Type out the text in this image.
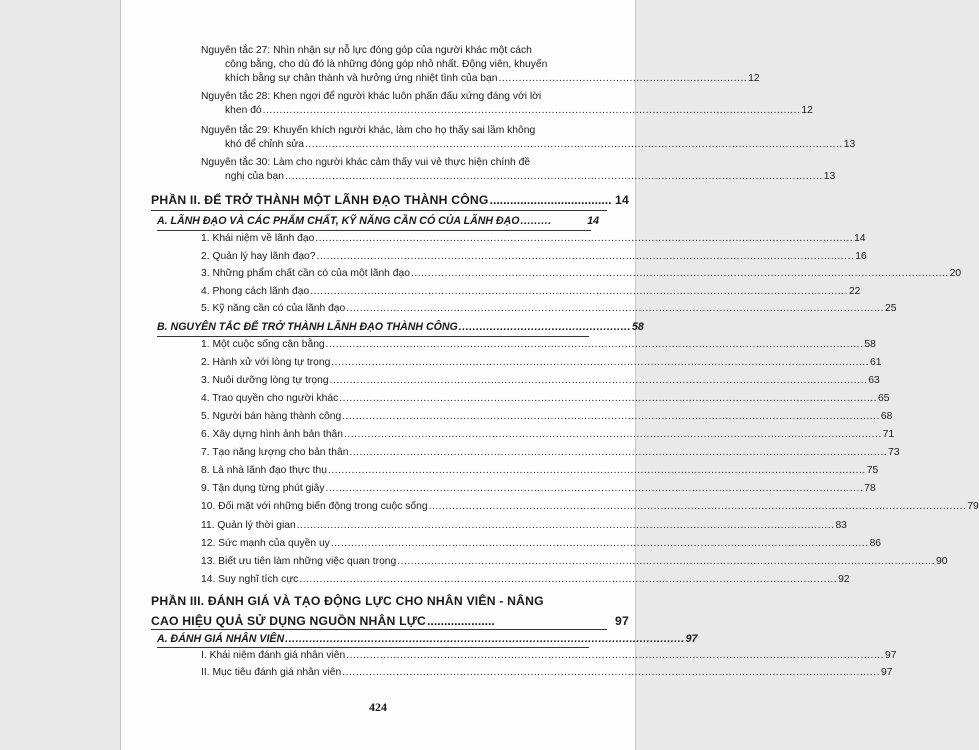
Nguyên tắc 27: Nhìn nhận sự nỗ lực đóng góp của người khác một cách
công bằng, cho dù đó là những đóng góp nhỏ nhất. Động viên, khuyến
khích bằng sự chân thành và hưởng ứng nhiệt tình của bạn .......................................................................... 12
Nguyên tắc 28: Khen ngợi để người khác luôn phấn đấu xứng đáng với lời
khen đó ................................................................................................................................................................ 12
Nguyên tắc 29: Khuyến khích người khác, làm cho họ thấy sai lầm không
khó để chỉnh sửa ................................................................................................................................................................ 13
Nguyên tắc 30: Làm cho người khác cảm thấy vui vẻ thực hiện chính đề
nghị của bạn ................................................................................................................................................................ 13
PHẦN II. ĐỂ TRỞ THÀNH MỘT LÃNH ĐẠO THÀNH CÔNG .................................... 14
A. LÃNH ĐẠO VÀ CÁC PHẨM CHẤT, KỸ NĂNG CẦN CÓ CỦA LÃNH ĐẠO .........	14
1. Khái niệm về lãnh đạo ................................................................................................................................................................ 14
2. Quản lý hay lãnh đạo? ................................................................................................................................................................ 16
3. Những phẩm chất cần có của một lãnh đạo ................................................................................................................................................................ 20
4. Phong cách lãnh đạo ................................................................................................................................................................ 22
5. Kỹ năng cần có của lãnh đạo ................................................................................................................................................................ 25
B. NGUYÊN TẮC ĐỂ TRỞ THÀNH LÃNH ĐẠO THÀNH CÔNG .................................................. 58
1. Một cuộc sống cân bằng ................................................................................................................................................................ 58
2. Hành xử với lòng tự trọng ................................................................................................................................................................ 61
3. Nuôi dưỡng lòng tự trọng ................................................................................................................................................................ 63
4. Trao quyền cho người khác ................................................................................................................................................................ 65
5. Người bán hàng thành công ................................................................................................................................................................ 68
6. Xây dựng hình ảnh bản thân ................................................................................................................................................................ 71
7. Tạo năng lượng cho bản thân ................................................................................................................................................................ 73
8. Là nhà lãnh đạo thực thụ ................................................................................................................................................................ 75
9. Tận dụng từng phút giây ................................................................................................................................................................ 78
10. Đối mặt với những biến động trong cuộc sống ................................................................................................................................................................ 79
11. Quản lý thời gian ................................................................................................................................................................ 83
12. Sức mạnh của quyền uy ................................................................................................................................................................ 86
13. Biết ưu tiên làm những việc quan trọng ................................................................................................................................................................ 90
14. Suy nghĩ tích cực ................................................................................................................................................................ 92
PHẦN III. ĐÁNH GIÁ VÀ TẠO ĐỘNG LỰC CHO NHÂN VIÊN - NÂNG
CAO HIỆU QUẢ SỬ DỤNG NGUỒN NHÂN LỰC ....................	97
A. ĐÁNH GIÁ NHÂN VIÊN .................................................................................................................... 97
I. Khái niệm đánh giá nhân viên ................................................................................................................................................................ 97
II. Mục tiêu đánh giá nhân viên ................................................................................................................................................................ 97
424
